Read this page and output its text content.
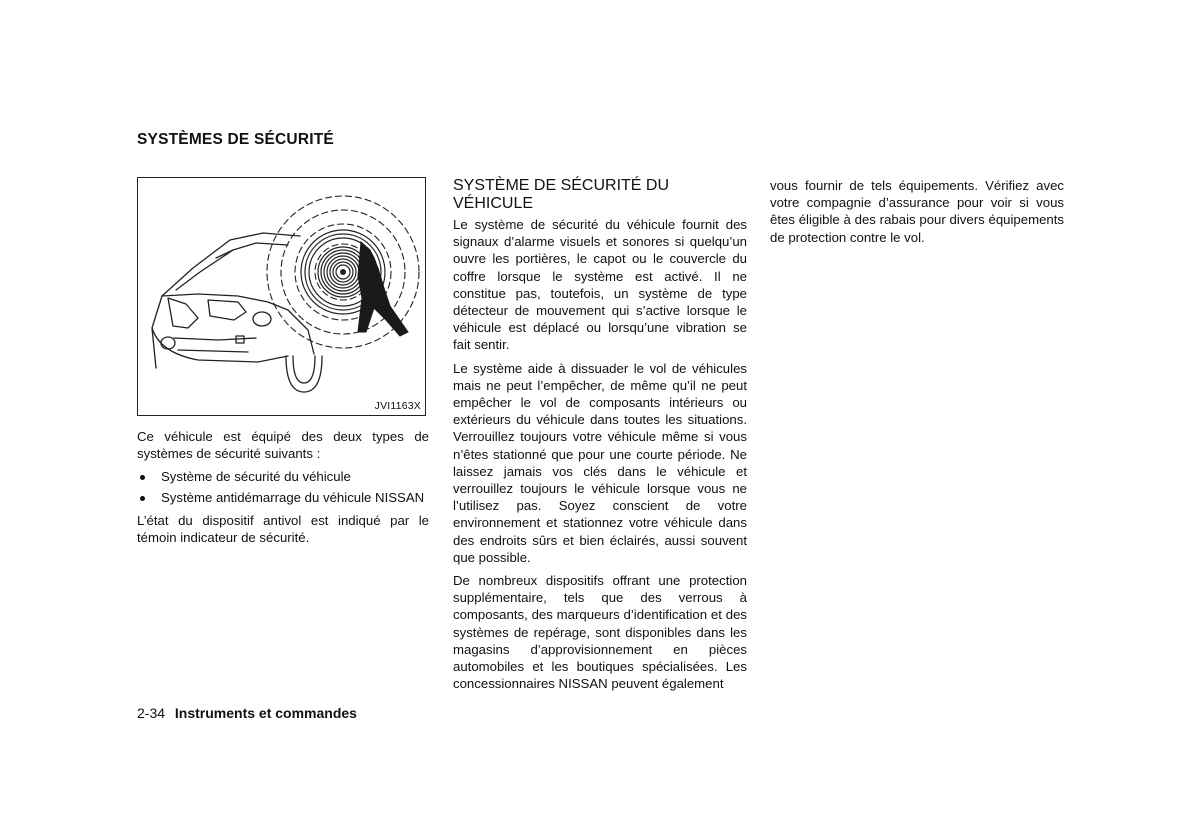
SYSTÈMES DE SÉCURITÉ
JVI1163X

Ce véhicule est équipé des deux types de systèmes de sécurité suivants :

Système de sécurité du véhicule
Système antidémarrage du véhicule NISSAN

L’état du dispositif antivol est indiqué par le témoin indicateur de sécurité.

SYSTÈME DE SÉCURITÉ DU VÉHICULE

Le système de sécurité du véhicule fournit des signaux d’alarme visuels et sonores si quelqu’un ouvre les portières, le capot ou le couvercle du coffre lorsque le système est activé. Il ne constitue pas, toutefois, un système de type détecteur de mouvement qui s’active lorsque le véhicule est déplacé ou lorsqu’une vibration se fait sentir.

Le système aide à dissuader le vol de véhicules mais ne peut l’empêcher, de même qu’il ne peut empêcher le vol de composants intérieurs ou extérieurs du véhicule dans toutes les situations. Verrouillez toujours votre véhicule même si vous n’êtes stationné que pour une courte période. Ne laissez jamais vos clés dans le véhicule et verrouillez toujours le véhicule lorsque vous ne l’utilisez pas. Soyez conscient de votre environnement et stationnez votre véhicule dans des endroits sûrs et bien éclairés, aussi souvent que possible.

De nombreux dispositifs offrant une protection supplémentaire, tels que des verrous à composants, des marqueurs d’identification et des systèmes de repérage, sont disponibles dans les magasins d’approvisionnement en pièces automobiles et les boutiques spécialisées. Les concessionnaires NISSAN peuvent également

vous fournir de tels équipements. Vérifiez avec votre compagnie d’assurance pour voir si vous êtes éligible à des rabais pour divers équipements de protection contre le vol.

2-34 Instruments et commandes
